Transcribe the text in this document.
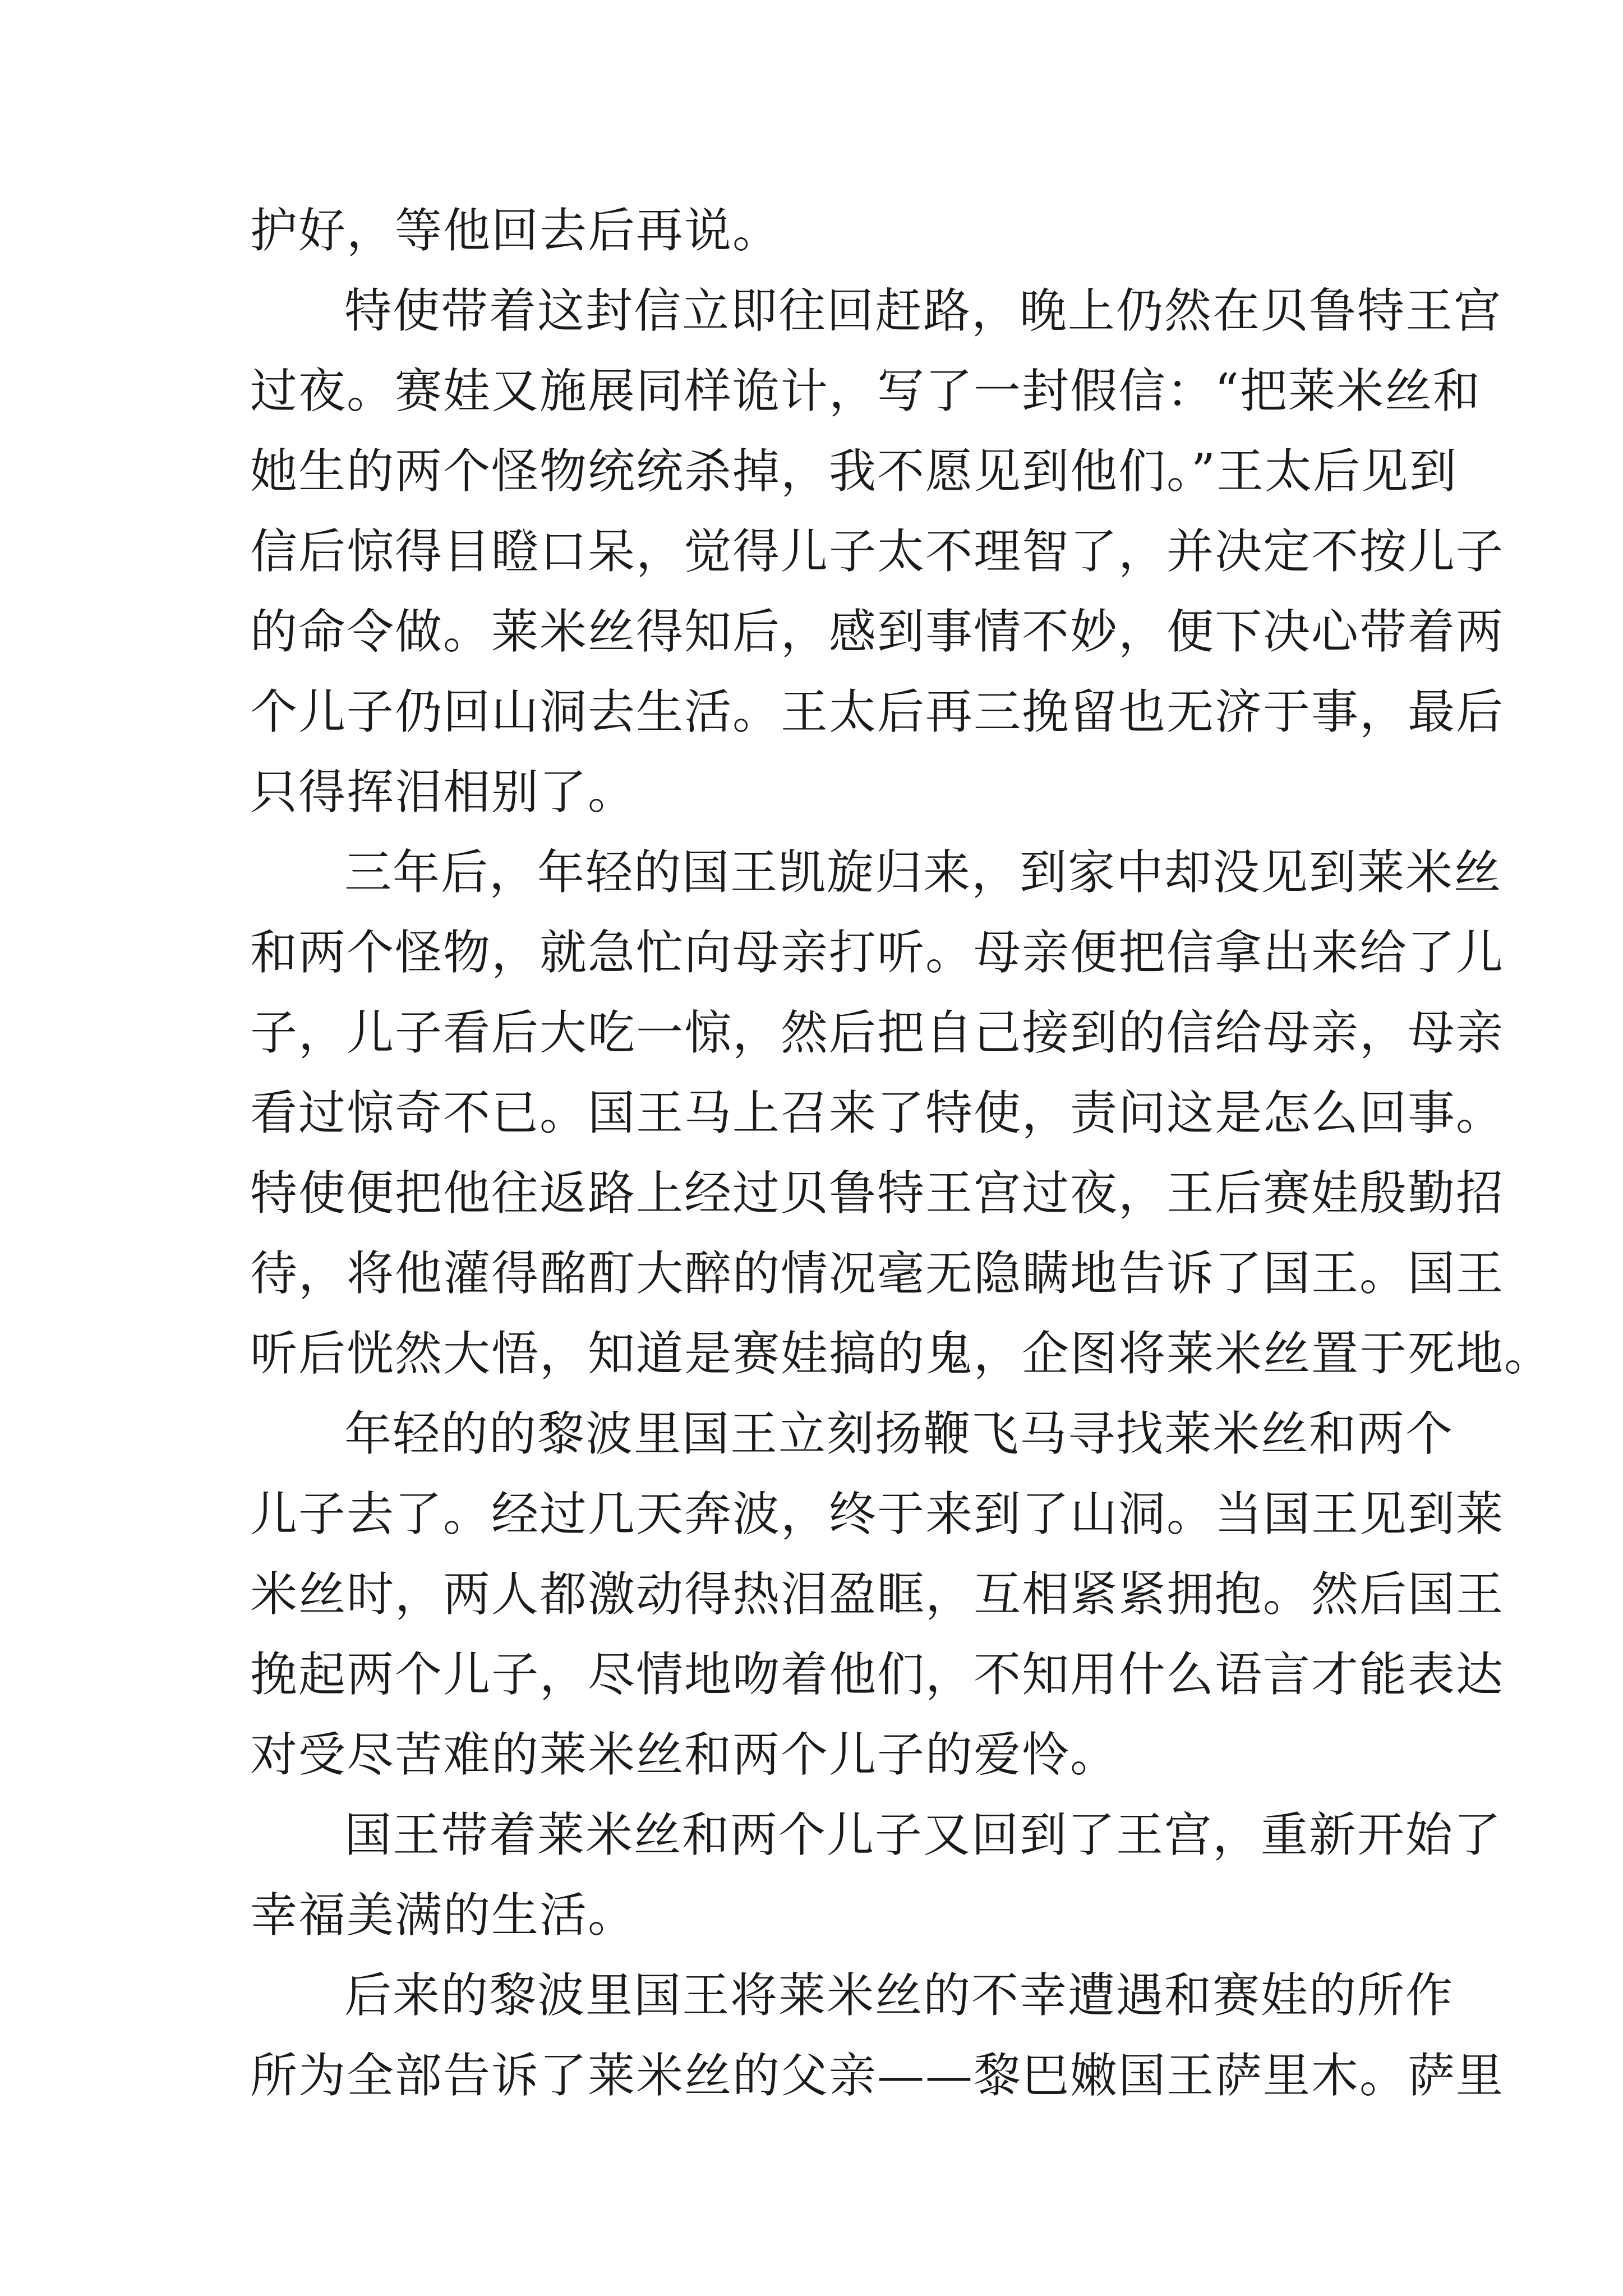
护好，等他回去后再说。
特使带着这封信立即往回赶路，晚上仍然在贝鲁特王宫
过夜。赛娃又施展同样诡计，写了一封假信：“把莱米丝和
她生的两个怪物统统杀掉，我不愿见到他们。”王太后见到
信后惊得目瞪口呆，觉得儿子太不理智了，并决定不按儿子
的命令做。莱米丝得知后，感到事情不妙，便下决心带着两
个儿子仍回山洞去生活。王太后再三挽留也无济于事，最后
只得挥泪相别了。
三年后，年轻的国王凯旋归来，到家中却没见到莱米丝
和两个怪物，就急忙向母亲打听。母亲便把信拿出来给了儿
子，儿子看后大吃一惊，然后把自己接到的信给母亲，母亲
看过惊奇不已。国王马上召来了特使，责问这是怎么回事。
特使便把他往返路上经过贝鲁特王宫过夜，王后赛娃殷勤招
待，将他灌得酩酊大醉的情况毫无隐瞒地告诉了国王。国王
听后恍然大悟，知道是赛娃搞的鬼，企图将莱米丝置于死地。
年轻的的黎波里国王立刻扬鞭飞马寻找莱米丝和两个
儿子去了。经过几天奔波，终于来到了山洞。当国王见到莱
米丝时，两人都激动得热泪盈眶，互相紧紧拥抱。然后国王
挽起两个儿子，尽情地吻着他们，不知用什么语言才能表达
对受尽苦难的莱米丝和两个儿子的爱怜。
国王带着莱米丝和两个儿子又回到了王宫，重新开始了
幸福美满的生活。
后来的黎波里国王将莱米丝的不幸遭遇和赛娃的所作
所为全部告诉了莱米丝的父亲——黎巴嫩国王萨里木。萨里
